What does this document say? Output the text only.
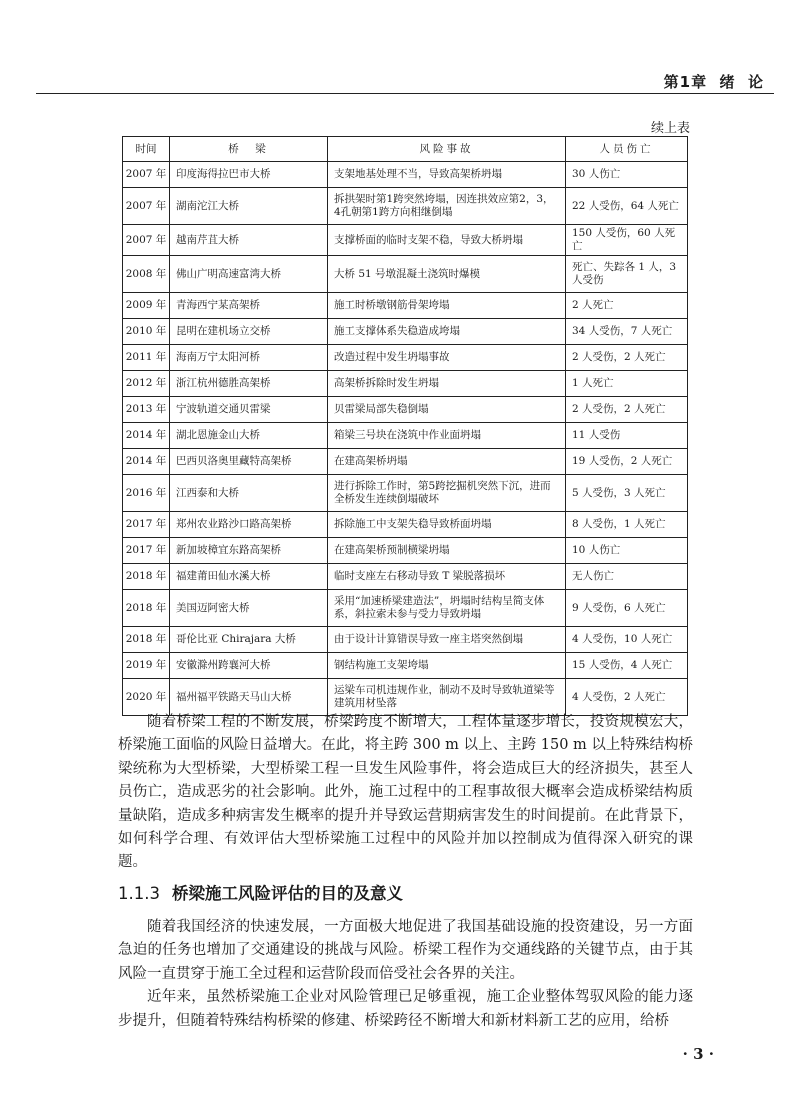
第1章  绪  论
续上表
时间	桥　梁	风险事故	人员伤亡
2007 年	印度海得拉巴市大桥	支架地基处理不当，导致高架桥坍塌	30 人伤亡
2007 年	湖南沱江大桥	拆拱架时第1跨突然垮塌，因连拱效应第2，3，4孔朝第1跨方向相继倒塌	22 人受伤，64 人死亡
2007 年	越南芹苴大桥	支撑桥面的临时支架不稳，导致大桥坍塌	150 人受伤，60 人死亡
2008 年	佛山广明高速富湾大桥	大桥 51 号墩混凝土浇筑时爆模	死亡、失踪各 1 人，3 人受伤
2009 年	青海西宁某高架桥	施工时桥墩钢筋骨架垮塌	2 人死亡
2010 年	昆明在建机场立交桥	施工支撑体系失稳造成垮塌	34 人受伤，7 人死亡
2011 年	海南万宁太阳河桥	改造过程中发生坍塌事故	2 人受伤，2 人死亡
2012 年	浙江杭州德胜高架桥	高架桥拆除时发生坍塌	1 人死亡
2013 年	宁波轨道交通贝雷梁	贝雷梁局部失稳倒塌	2 人受伤，2 人死亡
2014 年	湖北恩施金山大桥	箱梁三号块在浇筑中作业面坍塌	11 人受伤
2014 年	巴西贝洛奥里藏特高架桥	在建高架桥坍塌	19 人受伤，2 人死亡
2016 年	江西泰和大桥	进行拆除工作时，第5跨挖掘机突然下沉，进而全桥发生连续倒塌破坏	5 人受伤，3 人死亡
2017 年	郑州农业路沙口路高架桥	拆除施工中支架失稳导致桥面坍塌	8 人受伤，1 人死亡
2017 年	新加坡樟宜东路高架桥	在建高架桥预制横梁坍塌	10 人伤亡
2018 年	福建莆田仙水溪大桥	临时支座左右移动导致 T 梁脱落损坏	无人伤亡
2018 年	美国迈阿密大桥	采用“加速桥梁建造法”，坍塌时结构呈简支体系，斜拉索未参与受力导致坍塌	9 人受伤，6 人死亡
2018 年	哥伦比亚 Chirajara 大桥	由于设计计算错误导致一座主塔突然倒塌	4 人受伤，10 人死亡
2019 年	安徽滁州跨襄河大桥	钢结构施工支架垮塌	15 人受伤，4 人死亡
2020 年	福州福平铁路天马山大桥	运梁车司机违规作业，制动不及时导致轨道梁等建筑用材坠落	4 人受伤，2 人死亡

随着桥梁工程的不断发展，桥梁跨度不断增大，工程体量逐步增长，投资规模宏大，桥梁施工面临的风险日益增大。在此，将主跨 300 m 以上、主跨 150 m 以上特殊结构桥梁统称为大型桥梁，大型桥梁工程一旦发生风险事件，将会造成巨大的经济损失，甚至人员伤亡，造成恶劣的社会影响。此外，施工过程中的工程事故很大概率会造成桥梁结构质量缺陷，造成多种病害发生概率的提升并导致运营期病害发生的时间提前。在此背景下，如何科学合理、有效评估大型桥梁施工过程中的风险并加以控制成为值得深入研究的课题。

1.1.3 桥梁施工风险评估的目的及意义

随着我国经济的快速发展，一方面极大地促进了我国基础设施的投资建设，另一方面急迫的任务也增加了交通建设的挑战与风险。桥梁工程作为交通线路的关键节点，由于其风险一直贯穿于施工全过程和运营阶段而倍受社会各界的关注。

近年来，虽然桥梁施工企业对风险管理已足够重视，施工企业整体驾驭风险的能力逐步提升，但随着特殊结构桥梁的修建、桥梁跨径不断增大和新材料新工艺的应用，给桥

· 3 ·
